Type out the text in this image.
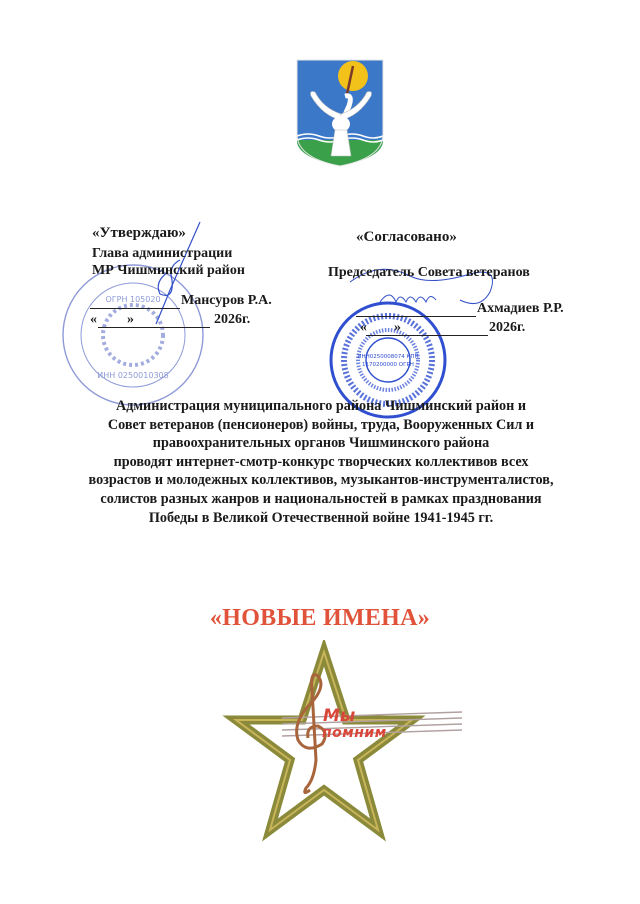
ОГРН 105020
ИНН 0250010308
ИНН0250008074 КПП
1170200000 ОГРН
«Утверждаю»
Глава администрации
МР Чишминский район
Мансуров Р.А.
« »	2026г.
«Согласовано»
Председатель Совета ветеранов
Ахмадиев Р.Р.
« »	2026г.
Администрация муниципального района Чишминский район и
Совет ветеранов (пенсионеров) войны, труда, Вооруженных Сил и
правоохранительных органов Чишминского района
проводят интернет-смотр-конкурс творческих коллективов всех
возрастов и молодежных коллективов, музыкантов-инструменталистов,
солистов разных жанров и национальностей в рамках празднования
Победы в Великой Отечественной войне 1941-1945 гг.
«НОВЫЕ ИМЕНА»
Мы
помним
